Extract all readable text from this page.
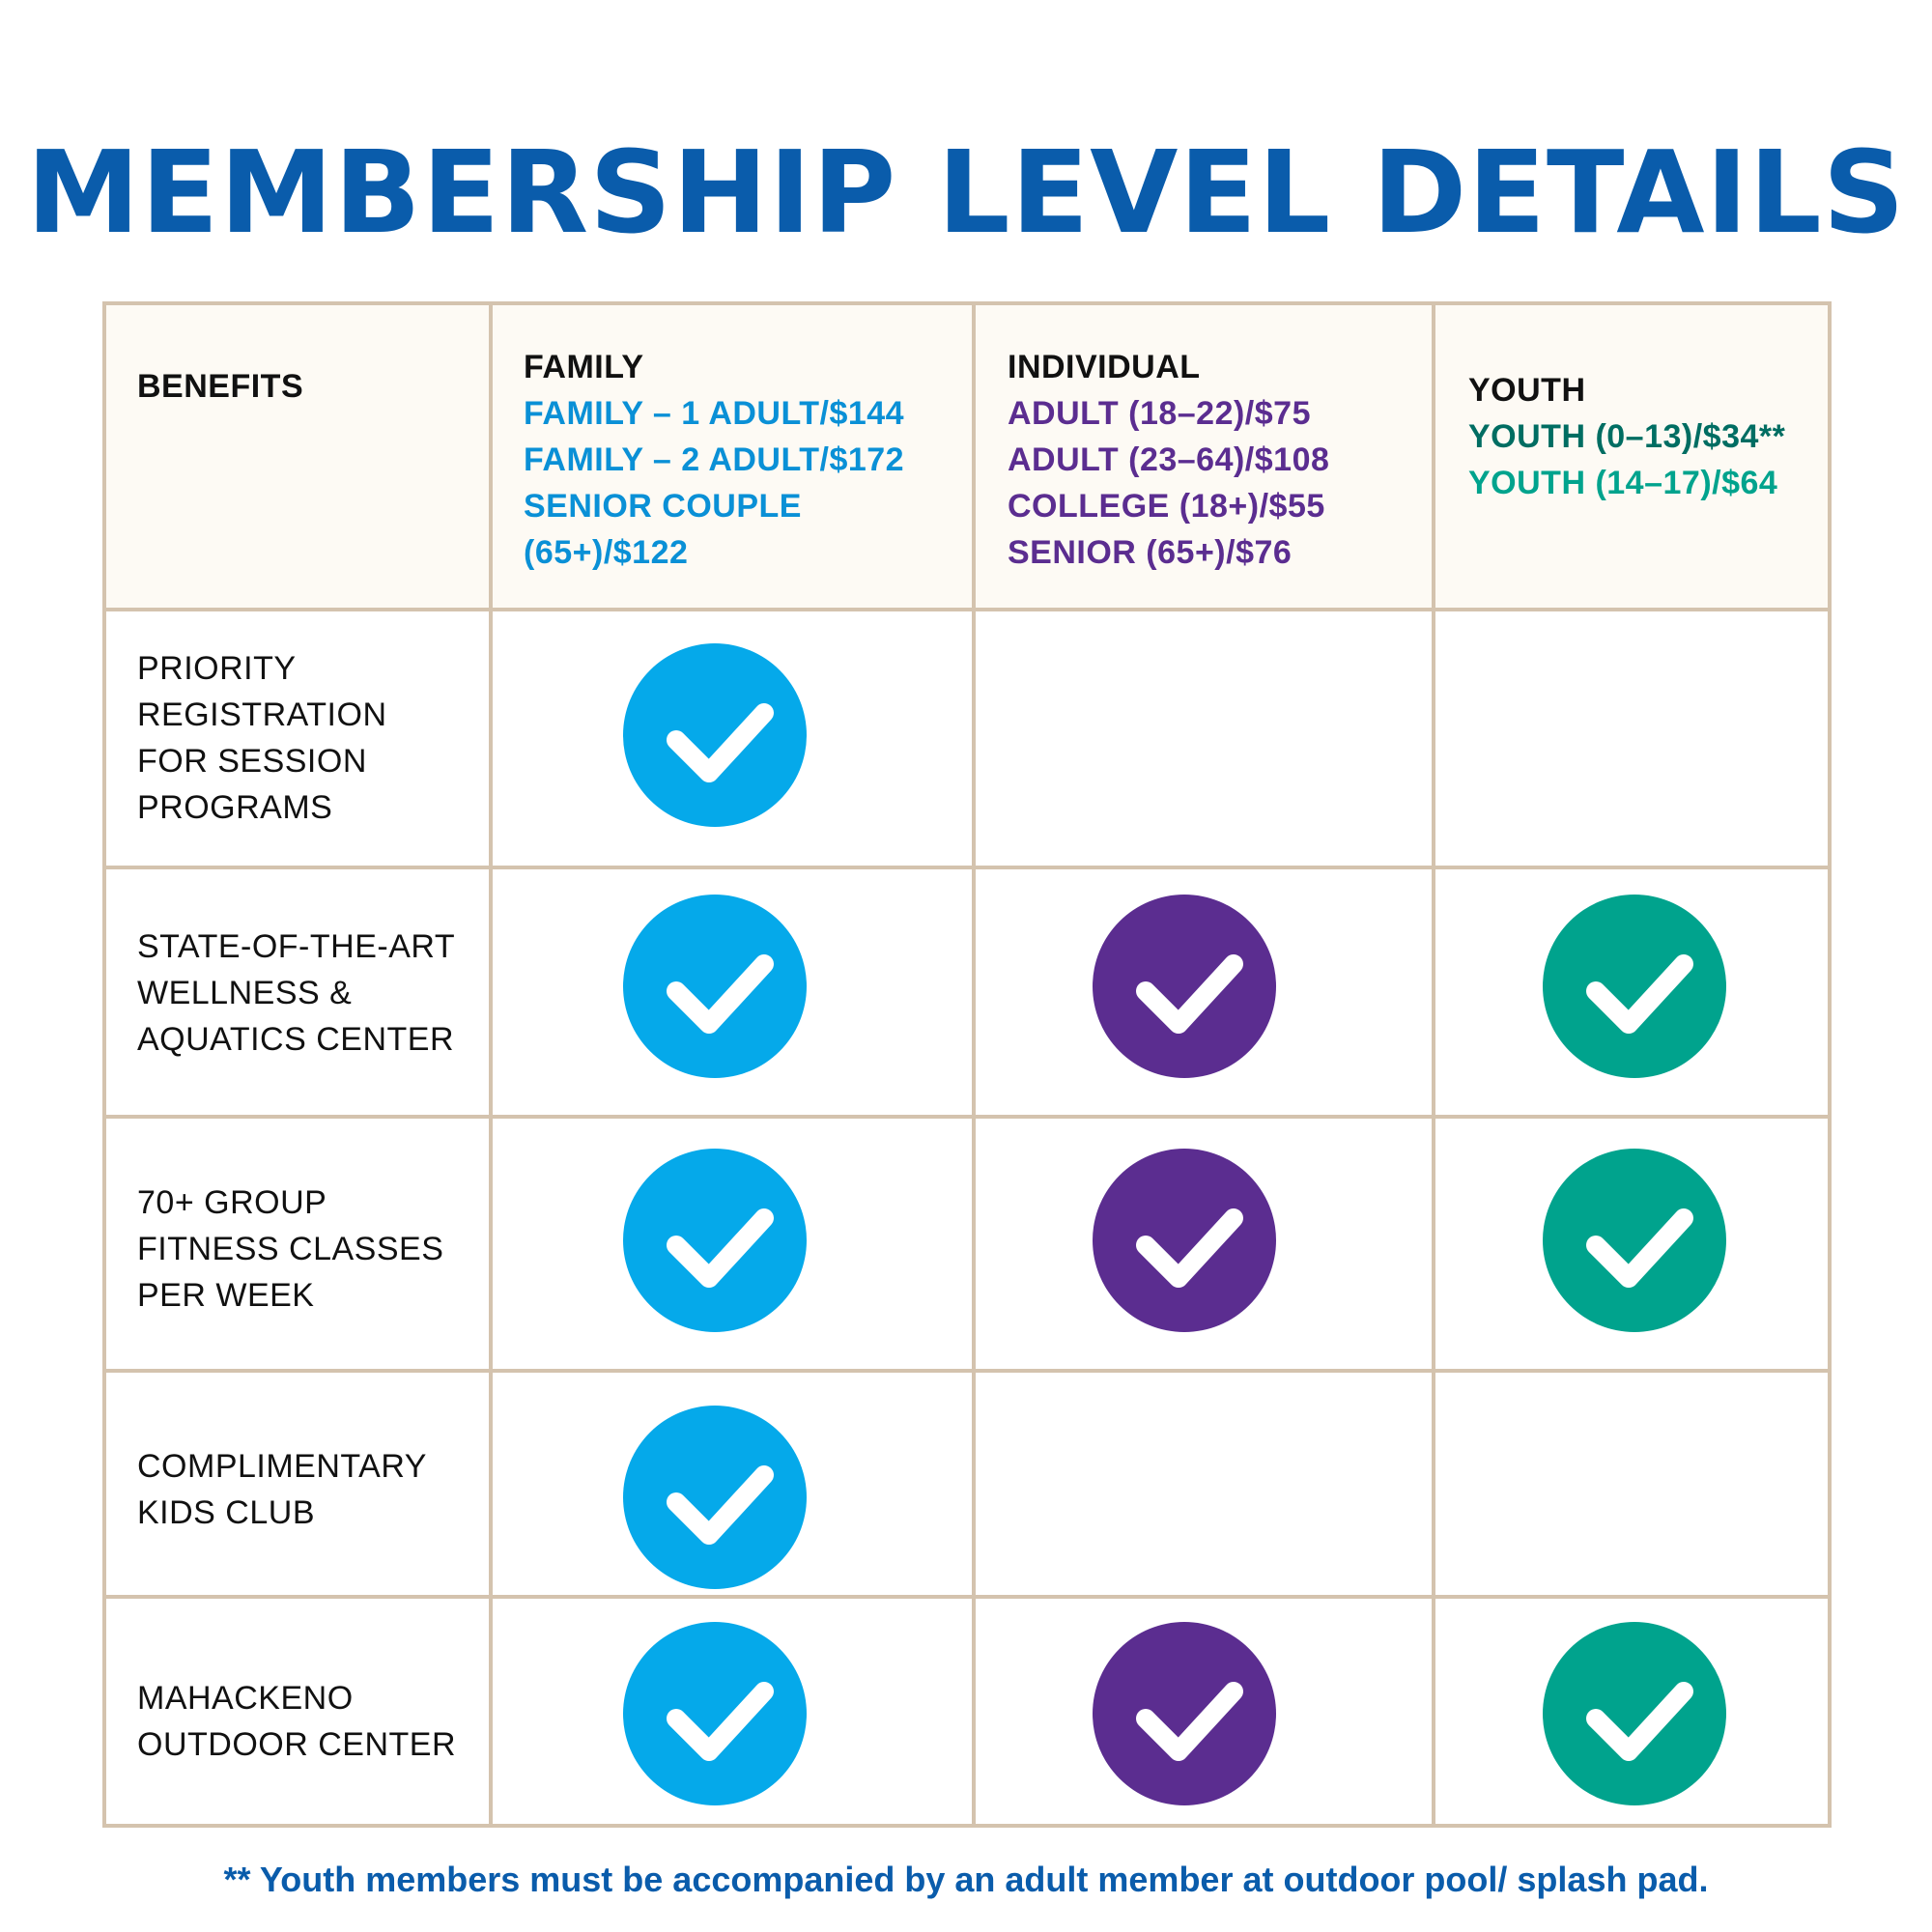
MEMBERSHIP LEVEL DETAILS
BENEFITS
FAMILY
FAMILY – 1 ADULT/$144
FAMILY – 2 ADULT/$172
SENIOR COUPLE
(65+)/$122
INDIVIDUAL
ADULT (18–22)/$75
ADULT (23–64)/$108
COLLEGE (18+)/$55
SENIOR (65+)/$76
YOUTH
YOUTH (0–13)/$34**
YOUTH (14–17)/$64
PRIORITY
REGISTRATION
FOR SESSION
PROGRAMS
STATE-OF-THE-ART
WELLNESS &
AQUATICS CENTER
70+ GROUP
FITNESS CLASSES
PER WEEK
COMPLIMENTARY
KIDS CLUB
MAHACKENO
OUTDOOR CENTER
** Youth members must be accompanied by an adult member at outdoor pool/ splash pad.
